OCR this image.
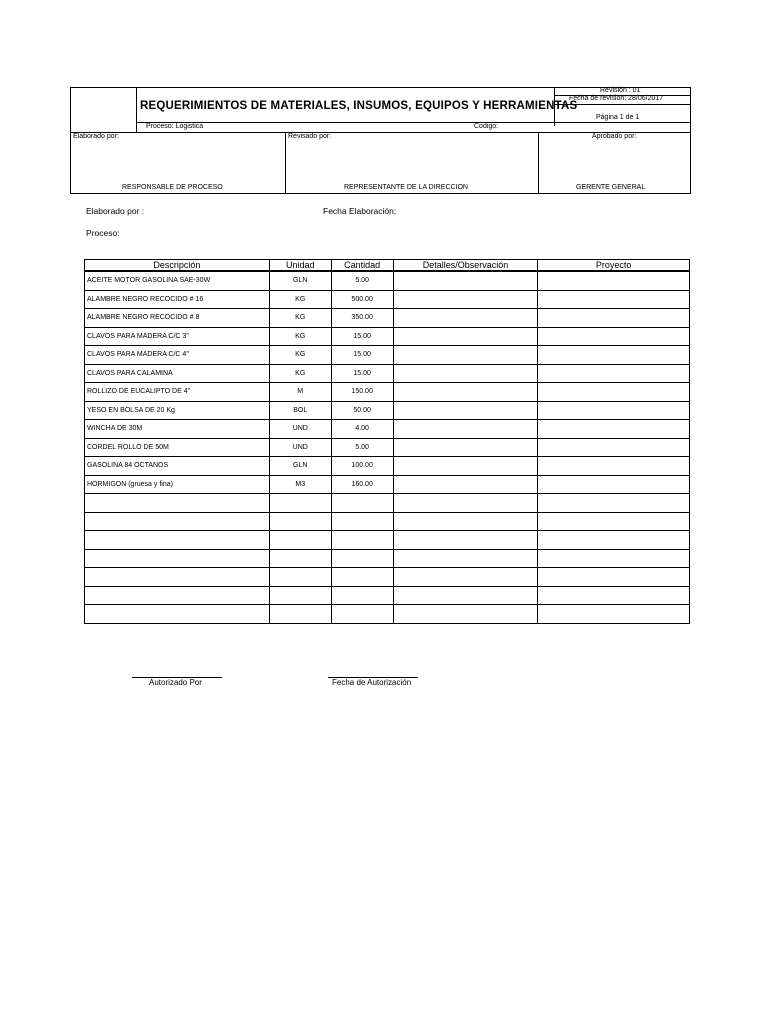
REQUERIMIENTOS DE MATERIALES, INSUMOS, EQUIPOS Y HERRAMIENTAS
Revision : 01
Fecha de revision: 28/06/2017
Página 1 de 1
Proceso: Logistica	Codigo:
Elaborado por:	Revisado por:	Aprobado por:
RESPONSABLE DE PROCESO	REPRESENTANTE DE LA DIRECCION	GERENTE GENERAL
Elaborado por :	Fecha Elaboración:
Proceso:
Descripción	Unidad	Cantidad	Detalles/Observación	Proyecto
ACEITE MOTOR GASOLINA SAE-30W	GLN	5.00		
ALAMBRE NEGRO RECOCIDO # 16	KG	500.00		
ALAMBRE NEGRO RECOCIDO # 8	KG	350.00		
CLAVOS PARA MADERA C/C 3"	KG	15.00		
CLAVOS PARA MADERA C/C 4"	KG	15.00		
CLAVOS PARA CALAMINA	KG	15.00		
ROLLIZO DE EUCALIPTO DE 4"	M	150.00		
YESO EN BOLSA DE 20 Kg	BOL	50.00		
WINCHA DE 30M	UND	4.00		
CORDEL ROLLO DE 50M	UND	5.00		
GASOLINA 84 OCTANOS	GLN	100.00		
HORMIGON (gruesa y fina)	M3	160.00		

Autorizado Por	Fecha de Autorización
